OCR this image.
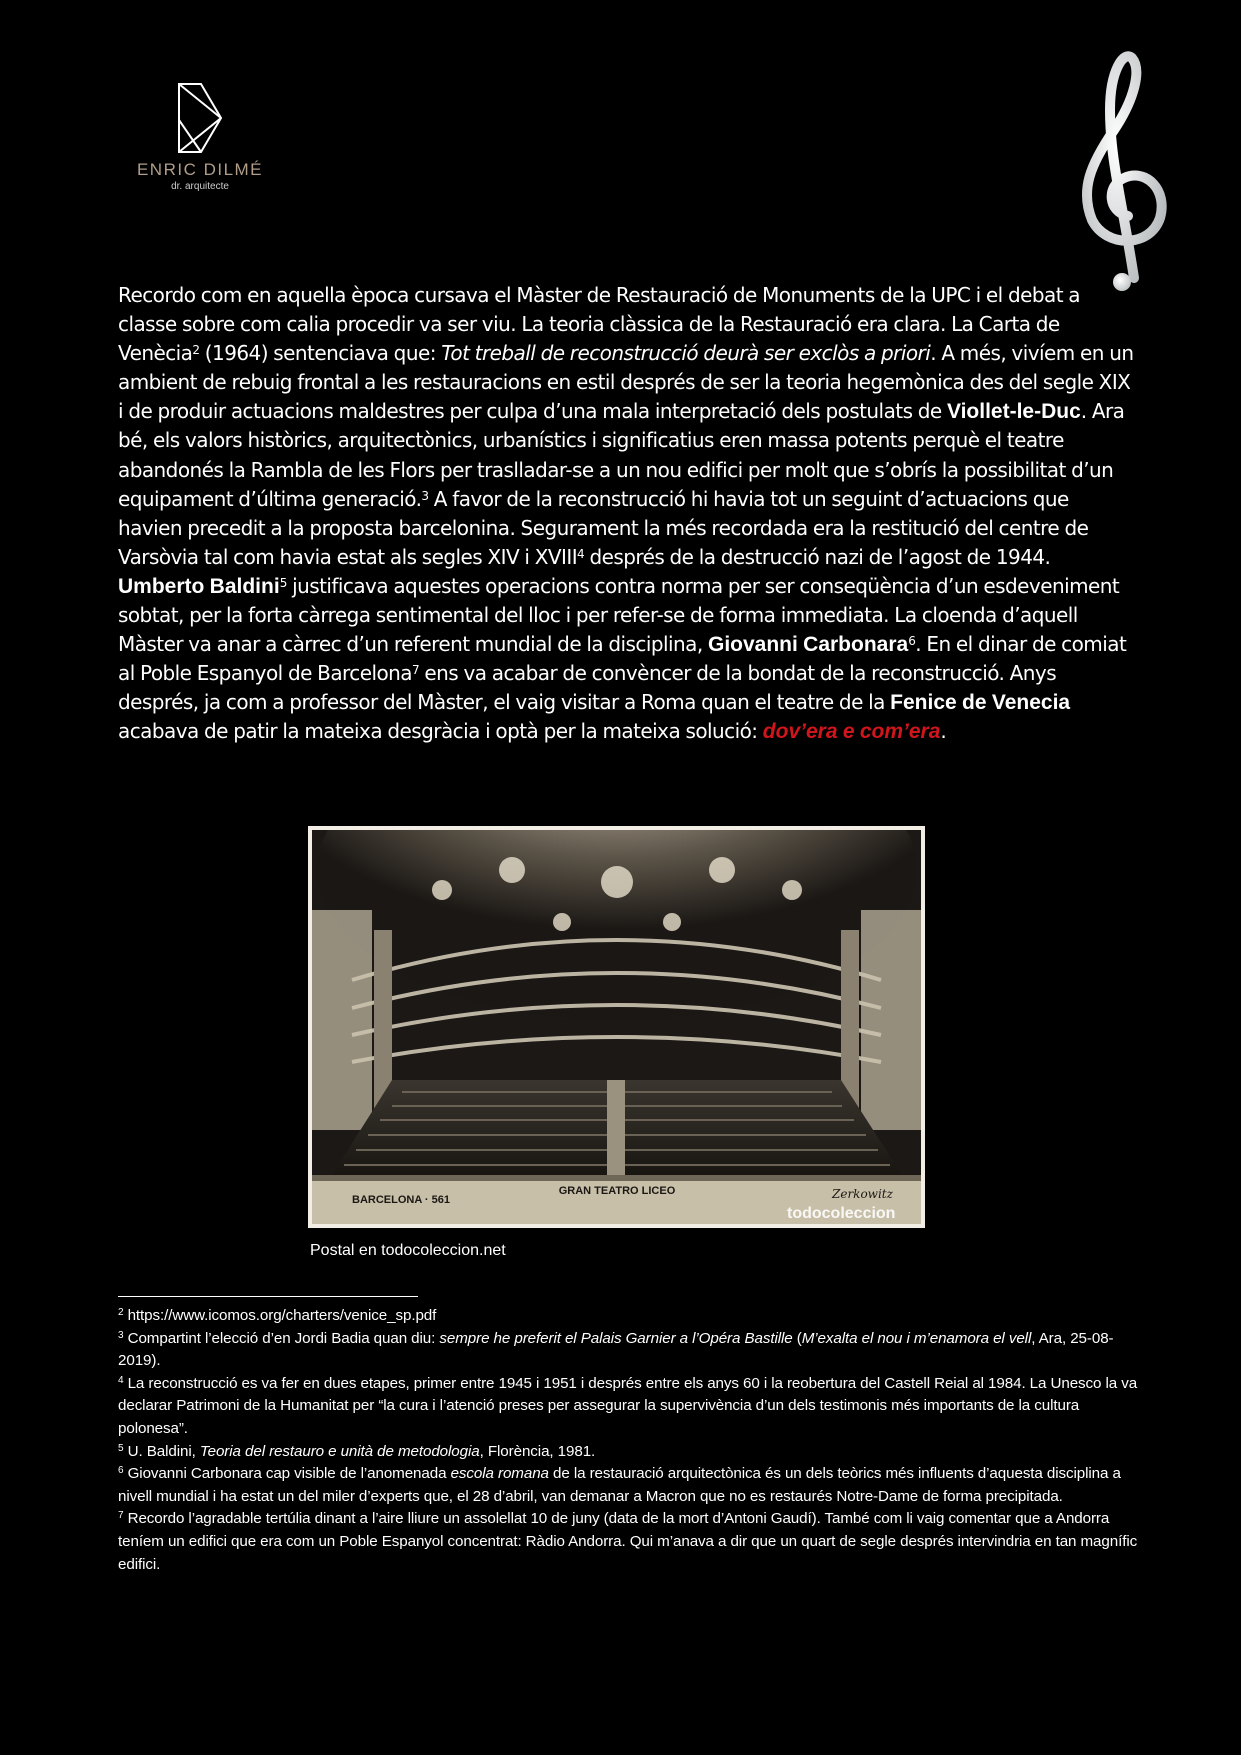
ENRIC DILMÉ
dr. arquitecte

Recordo com en aquella època cursava el Màster de Restauració de Monuments de la UPC i el debat a classe sobre com calia procedir va ser viu. La teoria clàssica de la Restauració era clara. La Carta de Venècia$^2$ (1964) sentenciava que: Tot treball de reconstrucció deurà ser exclòs a priori. A més, vivíem en un ambient de rebuig frontal a les restauracions en estil després de ser la teoria hegemònica des del segle XIX i de produir actuacions maldestres per culpa d’una mala interpretació dels postulats de Viollet-le-Duc. Ara bé, els valors històrics, arquitectònics, urbanístics i significatius eren massa potents perquè el teatre abandonés la Rambla de les Flors per traslladar-se a un nou edifici per molt que s’obrís la possibilitat d’un equipament d’última generació.$^3$ A favor de la reconstrucció hi havia tot un seguint d’actuacions que havien precedit a la proposta barcelonina. Segurament la més recordada era la restitució del centre de Varsòvia tal com havia estat als segles XIV i XVIII$^4$ després de la destrucció nazi de l’agost de 1944. Umberto Baldini$^5$ justificava aquestes operacions contra norma per ser conseqüència d’un esdeveniment sobtat, per la forta càrrega sentimental del lloc i per refer-se de forma immediata. La cloenda d’aquell Màster va anar a càrrec d’un referent mundial de la disciplina, Giovanni Carbonara$^6$. En el dinar de comiat al Poble Espanyol de Barcelona$^7$ ens va acabar de convèncer de la bondat de la reconstrucció. Anys després, ja com a professor del Màster, el vaig visitar a Roma quan el teatre de la Fenice de Venecia acabava de patir la mateixa desgràcia i optà per la mateixa solució: dov’era e com’era.

BARCELONA · 561
GRAN TEATRO LICEO	Zerkowitz
todocoleccion
Postal en todocoleccion.net

$^2$ https://www.icomos.org/charters/venice_sp.pdf

$^3$ Compartint l’elecció d’en Jordi Badia quan diu: sempre he preferit el Palais Garnier a l’Opéra Bastille (M’exalta el nou i m’enamora el vell, Ara, 25-08-2019).

$^4$ La reconstrucció es va fer en dues etapes, primer entre 1945 i 1951 i després entre els anys 60 i la reobertura del Castell Reial al 1984. La Unesco la va declarar Patrimoni de la Humanitat per “la cura i l’atenció preses per assegurar la supervivència d’un dels testimonis més importants de la cultura polonesa”.

$^5$ U. Baldini, Teoria del restauro e unità de metodologia, Florència, 1981.

$^6$ Giovanni Carbonara cap visible de l’anomenada escola romana de la restauració arquitectònica és un dels teòrics més influents d’aquesta disciplina a nivell mundial i ha estat un del miler d’experts que, el 28 d’abril, van demanar a Macron que no es restaurés Notre-Dame de forma precipitada.

$^7$ Recordo l’agradable tertúlia dinant a l’aire lliure un assolellat 10 de juny (data de la mort d’Antoni Gaudí). També com li vaig comentar que a Andorra teníem un edifici que era com un Poble Espanyol concentrat: Ràdio Andorra. Qui m’anava a dir que un quart de segle després intervindria en tan magnífic edifici.
